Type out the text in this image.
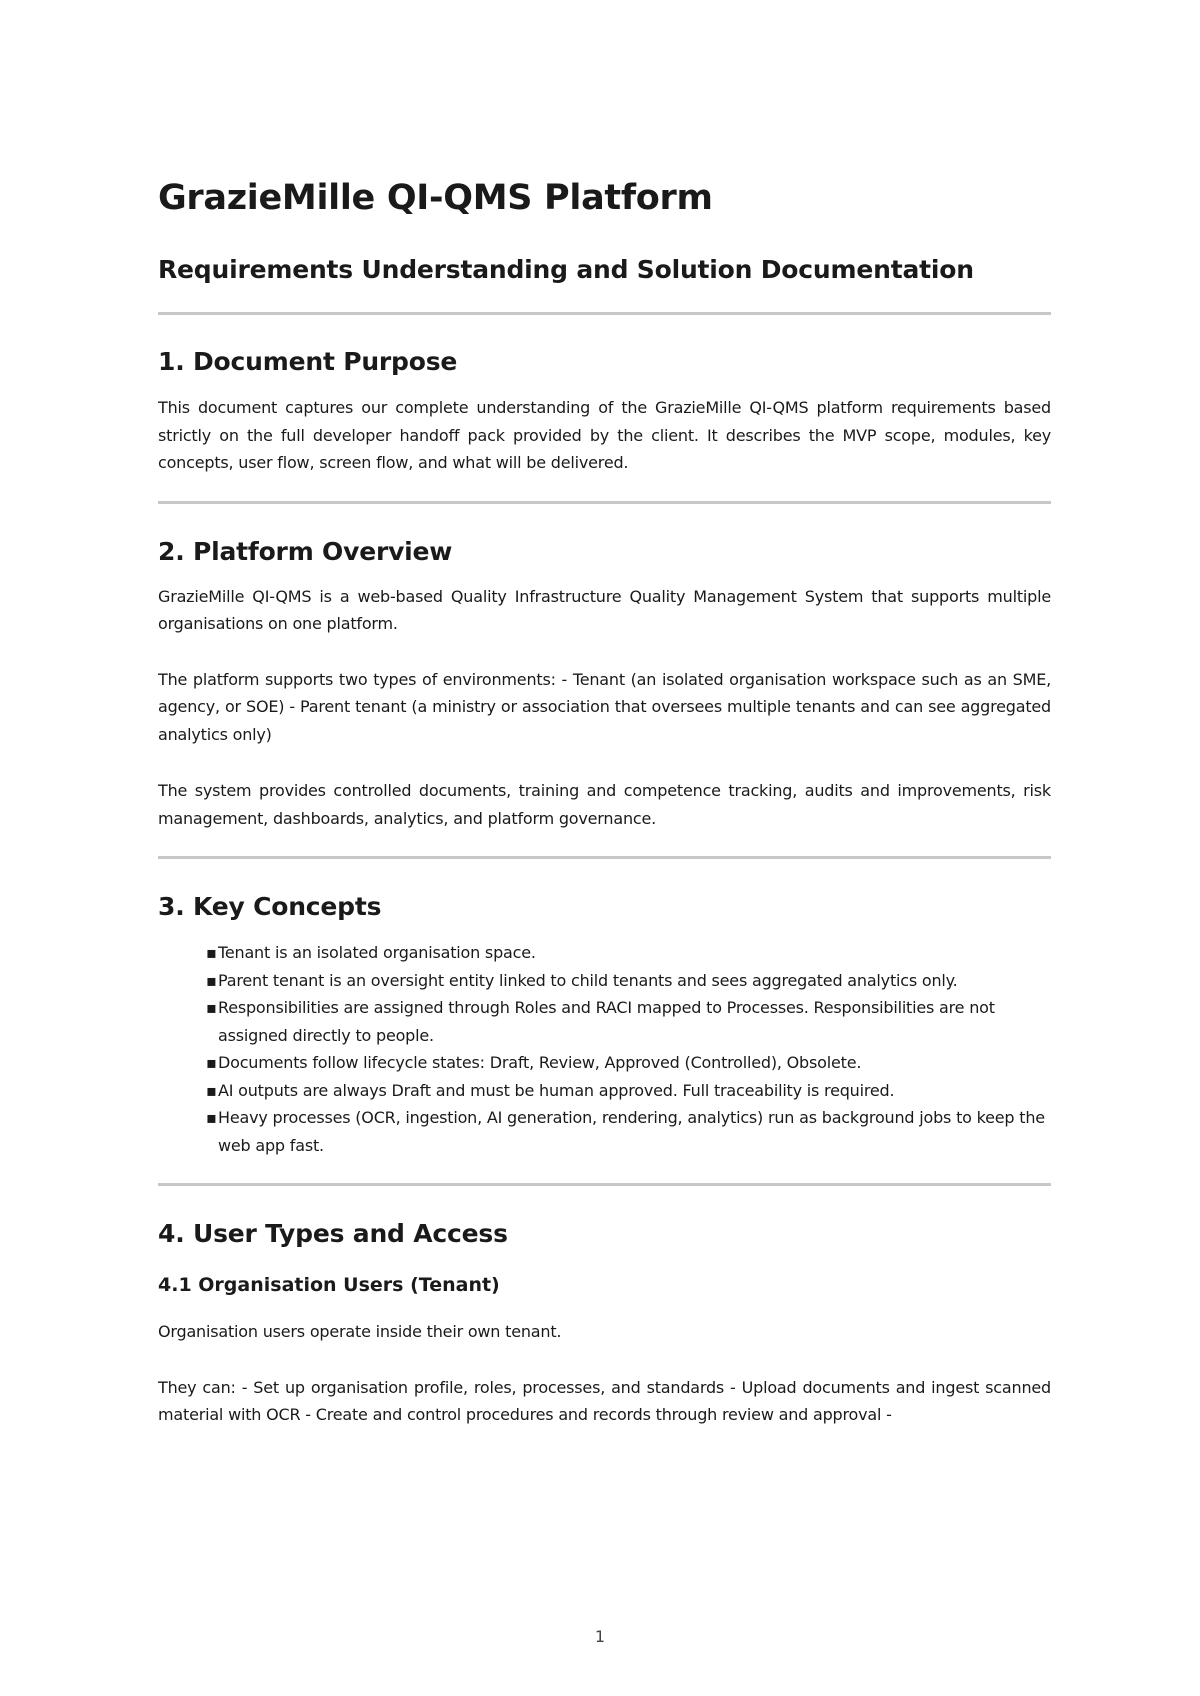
GrazieMille QI-QMS Platform
Requirements Understanding and Solution Documentation
1. Document Purpose

This document captures our complete understanding of the GrazieMille QI-QMS platform requirements based strictly on the full developer handoff pack provided by the client. It describes the MVP scope, modules, key concepts, user flow, screen flow, and what will be delivered.

2. Platform Overview

GrazieMille QI-QMS is a web-based Quality Infrastructure Quality Management System that supports multiple organisations on one platform.

The platform supports two types of environments: - Tenant (an isolated organisation workspace such as an SME, agency, or SOE) - Parent tenant (a ministry or association that oversees multiple tenants and can see aggregated analytics only)

The system provides controlled documents, training and competence tracking, audits and improvements, risk management, dashboards, analytics, and platform governance.

3. Key Concepts
▪ Tenant is an isolated organisation space.
▪ Parent tenant is an oversight entity linked to child tenants and sees aggregated analytics only.
▪ Responsibilities are assigned through Roles and RACI mapped to Processes. Responsibilities are not assigned directly to people.
▪ Documents follow lifecycle states: Draft, Review, Approved (Controlled), Obsolete.
▪ AI outputs are always Draft and must be human approved. Full traceability is required.
▪ Heavy processes (OCR, ingestion, AI generation, rendering, analytics) run as background jobs to keep the web app fast.
4. User Types and Access
4.1 Organisation Users (Tenant)

Organisation users operate inside their own tenant.

They can: - Set up organisation profile, roles, processes, and standards - Upload documents and ingest scanned material with OCR - Create and control procedures and records through review and approval -

1
